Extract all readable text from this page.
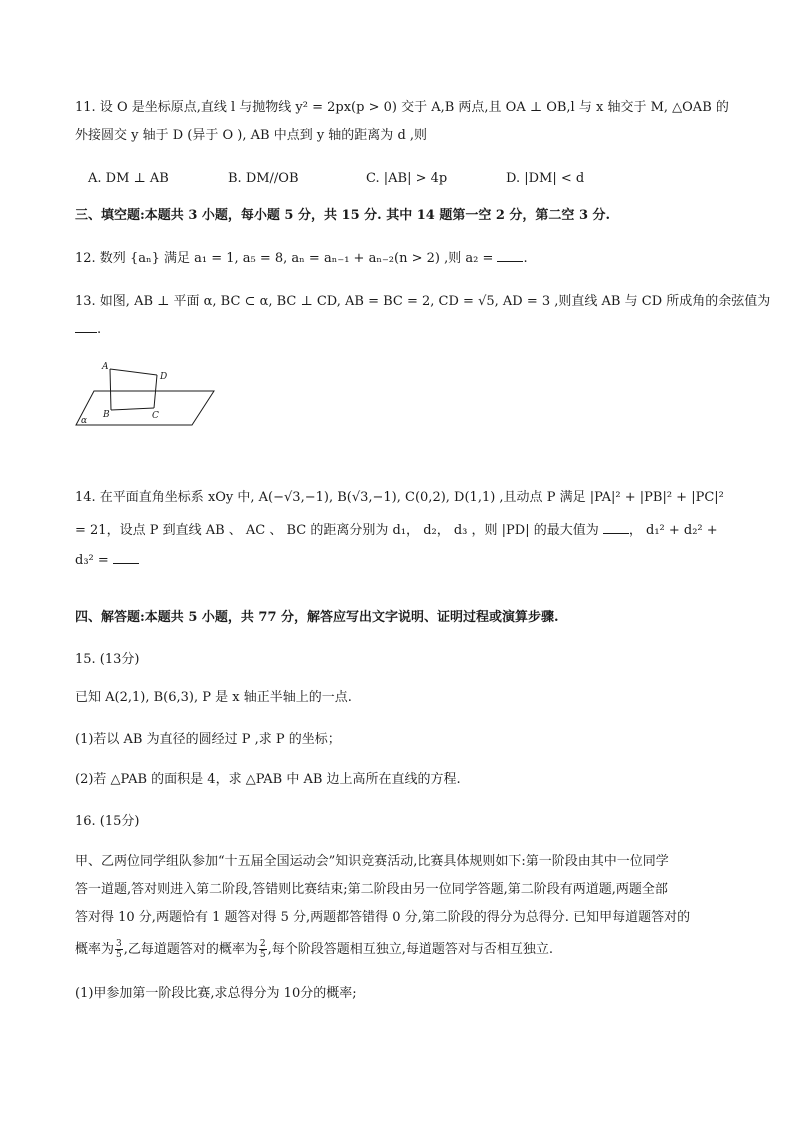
11. 设 O 是坐标原点,直线 l 与抛物线 y² = 2px(p > 0) 交于 A,B 两点,且 OA ⊥ OB,l 与 x 轴交于 M, △OAB 的
外接圆交 y 轴于 D (异于 O ), AB 中点到 y 轴的距离为 d ,则
A. DM ⊥ AB	B. DM//OB	C. |AB| > 4p	D. |DM| < d
三、填空题:本题共 3 小题，每小题 5 分，共 15 分. 其中 14 题第一空 2 分，第二空 3 分.
12. 数列 {aₙ} 满足 a₁ = 1, a₅ = 8, aₙ = aₙ₋₁ + aₙ₋₂(n > 2) ,则 a₂ = .
13. 如图, AB ⊥ 平面 α, BC ⊂ α, BC ⊥ CD, AB = BC = 2, CD = √5, AD = 3 ,则直线 AB 与 CD 所成角的余弦值为
.
A
D
B	C
α
14. 在平面直角坐标系 xOy 中, A(−√3,−1), B(√3,−1), C(0,2), D(1,1) ,且动点 P 满足 |PA|² + |PB|² + |PC|²
= 21，设点 P 到直线 AB 、 AC 、 BC 的距离分别为 d₁， d₂， d₃ ，则 |PD| 的最大值为 ， d₁² + d₂² +
d₃² =
四、解答题:本题共 5 小题，共 77 分，解答应写出文字说明、证明过程或演算步骤.
15. (13分)
已知 A(2,1), B(6,3), P 是 x 轴正半轴上的一点.
(1)若以 AB 为直径的圆经过 P ,求 P 的坐标；
(2)若 △PAB 的面积是 4，求 △PAB 中 AB 边上高所在直线的方程.
16. (15分)
甲、乙两位同学组队参加“十五届全国运动会”知识竞赛活动,比赛具体规则如下:第一阶段由其中一位同学
答一道题,答对则进入第二阶段,答错则比赛结束;第二阶段由另一位同学答题,第二阶段有两道题,两题全部
答对得 10 分,两题恰有 1 题答对得 5 分,两题都答错得 0 分,第二阶段的得分为总得分. 已知甲每道题答对的
概率为 $\frac{3}{5}$ ,乙每道题答对的概率为 $\frac{2}{5}$ ,每个阶段答题相互独立,每道题答对与否相互独立.
(1)甲参加第一阶段比赛,求总得分为 10分的概率;
